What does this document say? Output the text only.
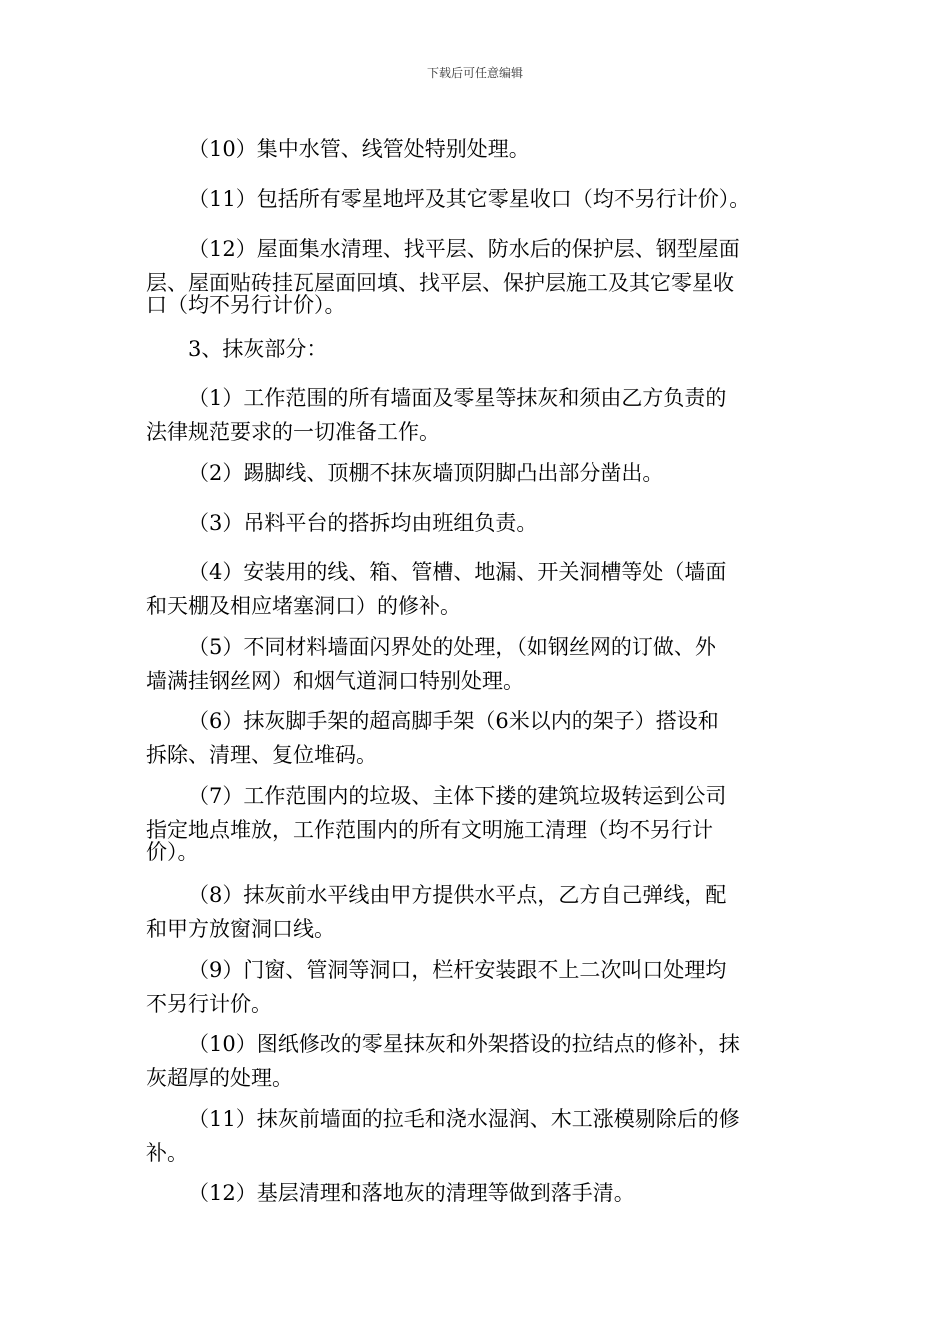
下载后可任意编辑
（10）集中水管、线管处特别处理。
（11）包括所有零星地坪及其它零星收口（均不另行计价）。
（12）屋面集水清理、找平层、防水后的保护层、钢型屋面
层、屋面贴砖挂瓦屋面回填、找平层、保护层施工及其它零星收
口（均不另行计价）。
3、抹灰部分：
（1）工作范围的所有墙面及零星等抹灰和须由乙方负责的
法律规范要求的一切准备工作。
（2）踢脚线、顶棚不抹灰墙顶阴脚凸出部分凿出。
（3）吊料平台的搭拆均由班组负责。
（4）安装用的线、箱、管槽、地漏、开关洞槽等处（墙面
和天棚及相应堵塞洞口）的修补。
（5）不同材料墙面闪界处的处理，（如钢丝网的订做、外
墙满挂钢丝网）和烟气道洞口特别处理。
（6）抹灰脚手架的超高脚手架（6米以内的架子）搭设和
拆除、清理、复位堆码。
（7）工作范围内的垃圾、主体下搂的建筑垃圾转运到公司
指定地点堆放，工作范围内的所有文明施工清理（均不另行计
价）。
（8）抹灰前水平线由甲方提供水平点，乙方自己弹线，配
和甲方放窗洞口线。
（9）门窗、管洞等洞口，栏杆安装跟不上二次叫口处理均
不另行计价。
（10）图纸修改的零星抹灰和外架搭设的拉结点的修补，抹
灰超厚的处理。
（11）抹灰前墙面的拉毛和浇水湿润、木工涨模剔除后的修
补。
（12）基层清理和落地灰的清理等做到落手清。
